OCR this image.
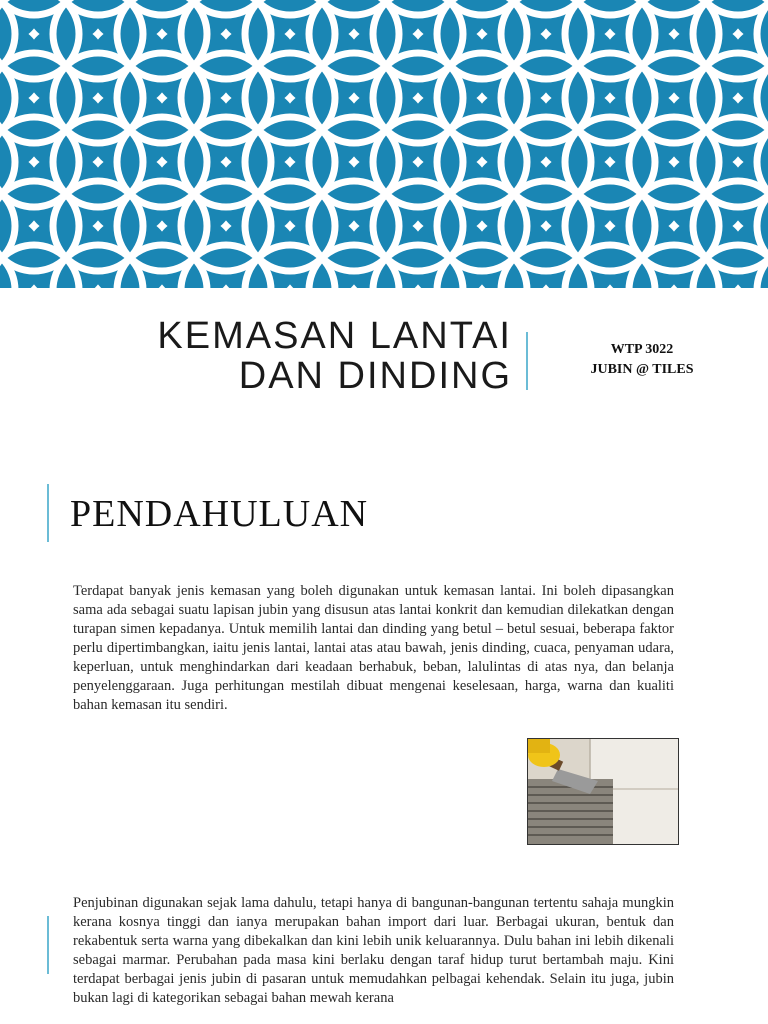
KEMASAN LANTAI
DAN DINDING
WTP 3022
JUBIN @ TILES
PENDAHULUAN

Terdapat banyak jenis kemasan yang boleh digunakan untuk kemasan lantai. Ini boleh dipasangkan sama ada sebagai suatu lapisan jubin yang disusun atas lantai konkrit dan kemudian dilekatkan dengan turapan simen kepadanya. Untuk memilih lantai dan dinding yang betul – betul sesuai, beberapa faktor perlu dipertimbangkan, iaitu jenis lantai, lantai atas atau bawah, jenis dinding, cuaca, penyaman udara, keperluan, untuk menghindarkan dari keadaan berhabuk, beban, lalulintas di atas nya, dan belanja penyelenggaraan. Juga perhitungan mestilah dibuat mengenai keselesaan, harga, warna dan kualiti bahan kemasan itu sendiri.

Penjubinan digunakan sejak lama dahulu, tetapi hanya di bangunan-bangunan tertentu sahaja mungkin kerana kosnya tinggi dan ianya merupakan bahan import dari luar. Berbagai ukuran, bentuk dan rekabentuk serta warna yang dibekalkan dan kini lebih unik keluarannya. Dulu bahan ini lebih dikenali sebagai marmar. Perubahan pada masa kini berlaku dengan taraf hidup turut bertambah maju. Kini terdapat berbagai jenis jubin di pasaran untuk memudahkan pelbagai kehendak. Selain itu juga, jubin bukan lagi di kategorikan sebagai bahan mewah kerana
